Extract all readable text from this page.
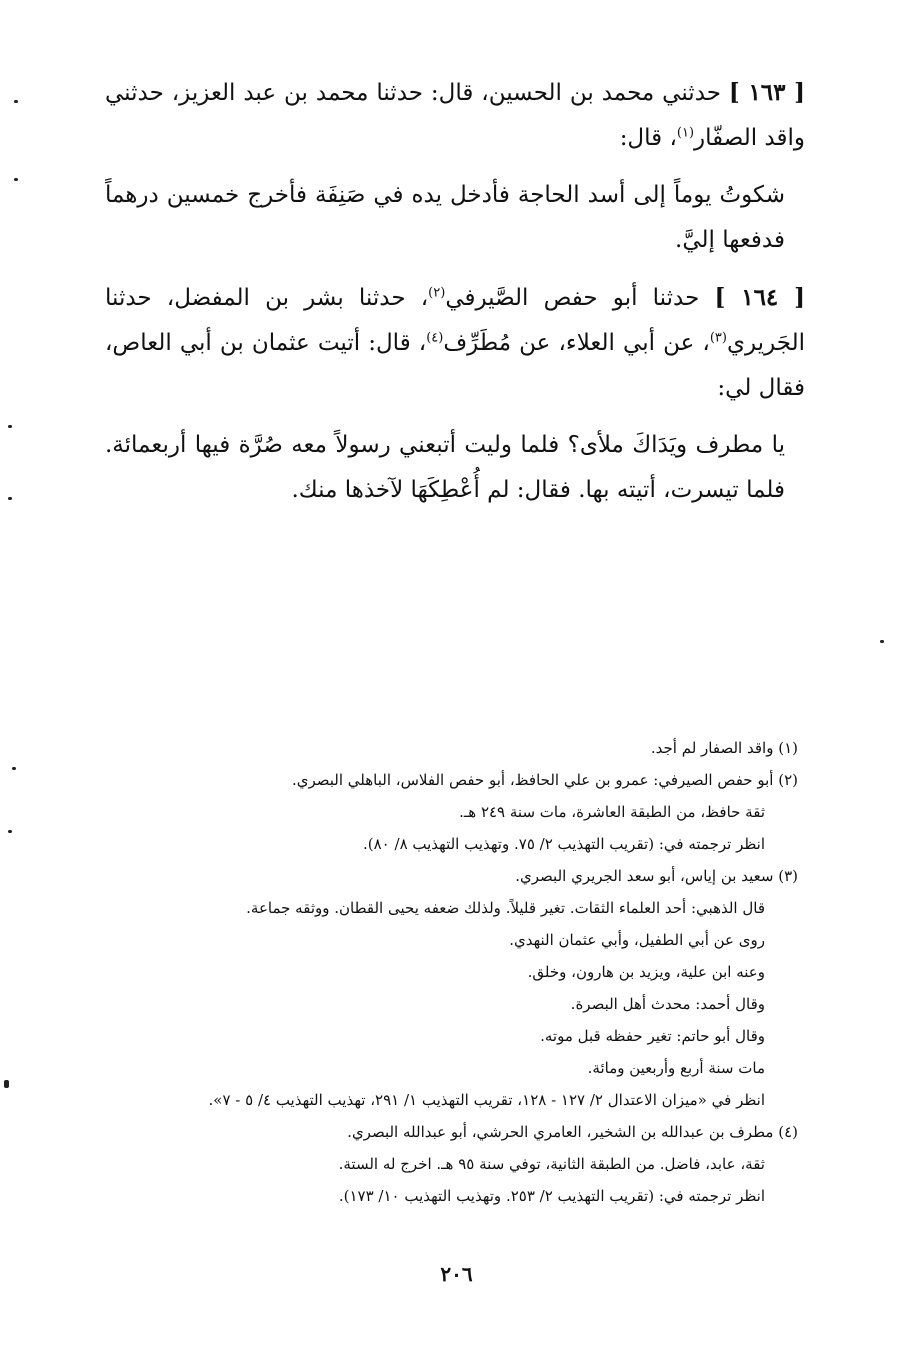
[ ١٦٣ ] حدثني محمد بن الحسين، قال: حدثنا محمد بن عبد العزيز، حدثني واقد الصفّار$^{(١)}$، قال:

شكوتُ يوماً إلى أسد الحاجة فأدخل يده في صَنِفَة فأخرج خمسين درهماً فدفعها إليَّ.

[ ١٦٤ ] حدثنا أبو حفص الصَّيرفي$^{(٢)}$، حدثنا بشر بن المفضل، حدثنا الجَريري$^{(٣)}$، عن أبي العلاء، عن مُطَرِّف$^{(٤)}$، قال: أتيت عثمان بن أبي العاص، فقال لي:

يا مطرف ويَدَاكَ ملأى؟ فلما وليت أتبعني رسولاً معه صُرَّة فيها أربعمائة. فلما تيسرت، أتيته بها. فقال: لم أُعْطِكَهَا لآخذها منك.

(١) واقد الصفار لم أجد.

(٢) أبو حفص الصيرفي: عمرو بن علي الحافظ، أبو حفص الفلاس، الباهلي البصري.

ثقة حافظ، من الطبقة العاشرة، مات سنة ٢٤٩ هـ.

انظر ترجمته في: (تقريب التهذيب ٢/ ٧٥. وتهذيب التهذيب ٨/ ٨٠).

(٣) سعيد بن إياس، أبو سعد الجريري البصري.

قال الذهبي: أحد العلماء الثقات. تغير قليلاً. ولذلك ضعفه يحيى القطان. ووثقه جماعة.

روى عن أبي الطفيل، وأبي عثمان النهدي.

وعنه ابن علية، ويزيد بن هارون، وخلق.

وقال أحمد: محدث أهل البصرة.

وقال أبو حاتم: تغير حفظه قبل موته.

مات سنة أربع وأربعين ومائة.

انظر في «ميزان الاعتدال ٢/ ١٢٧ - ١٢٨، تقريب التهذيب ١/ ٢٩١، تهذيب التهذيب ٤/ ٥ - ٧».

(٤) مطرف بن عبدالله بن الشخير، العامري الحرشي، أبو عبدالله البصري.

ثقة، عابد، فاضل. من الطبقة الثانية، توفي سنة ٩٥ هـ. اخرج له الستة.

انظر ترجمته في: (تقريب التهذيب ٢/ ٢٥٣. وتهذيب التهذيب ١٠/ ١٧٣).

٢٠٦
